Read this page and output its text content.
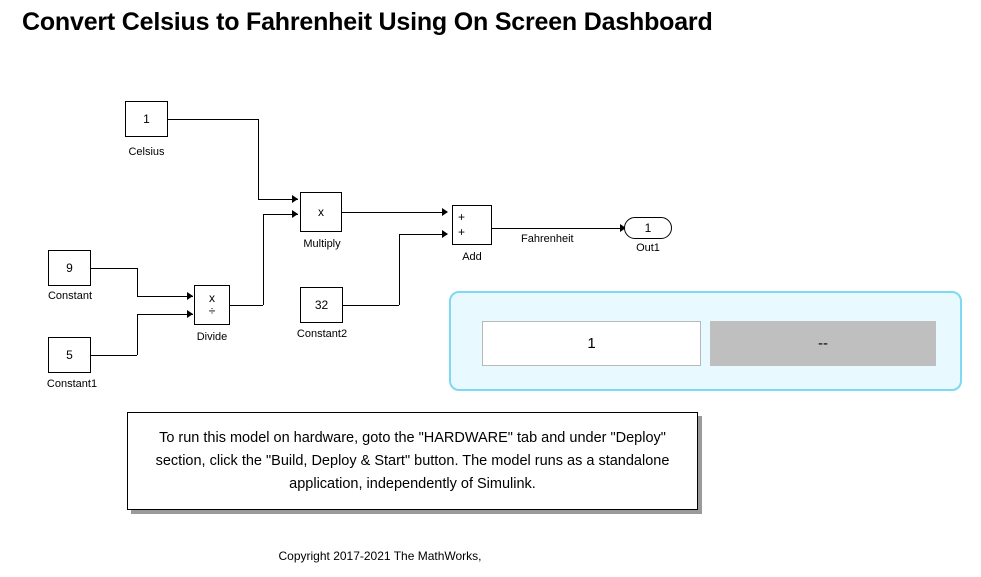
Convert Celsius to Fahrenheit Using On Screen Dashboard
1
Celsius
9
Constant
5
Constant1
x
÷
Divide
x
Multiply
32
Constant2
+
+
Add
Fahrenheit
1
Out1
1	--
To run this model on hardware, goto the "HARDWARE" tab and under "Deploy" section, click the "Build, Deploy & Start" button. The model runs as a standalone application, independently of Simulink.
Copyright 2017-2021 The MathWorks,
